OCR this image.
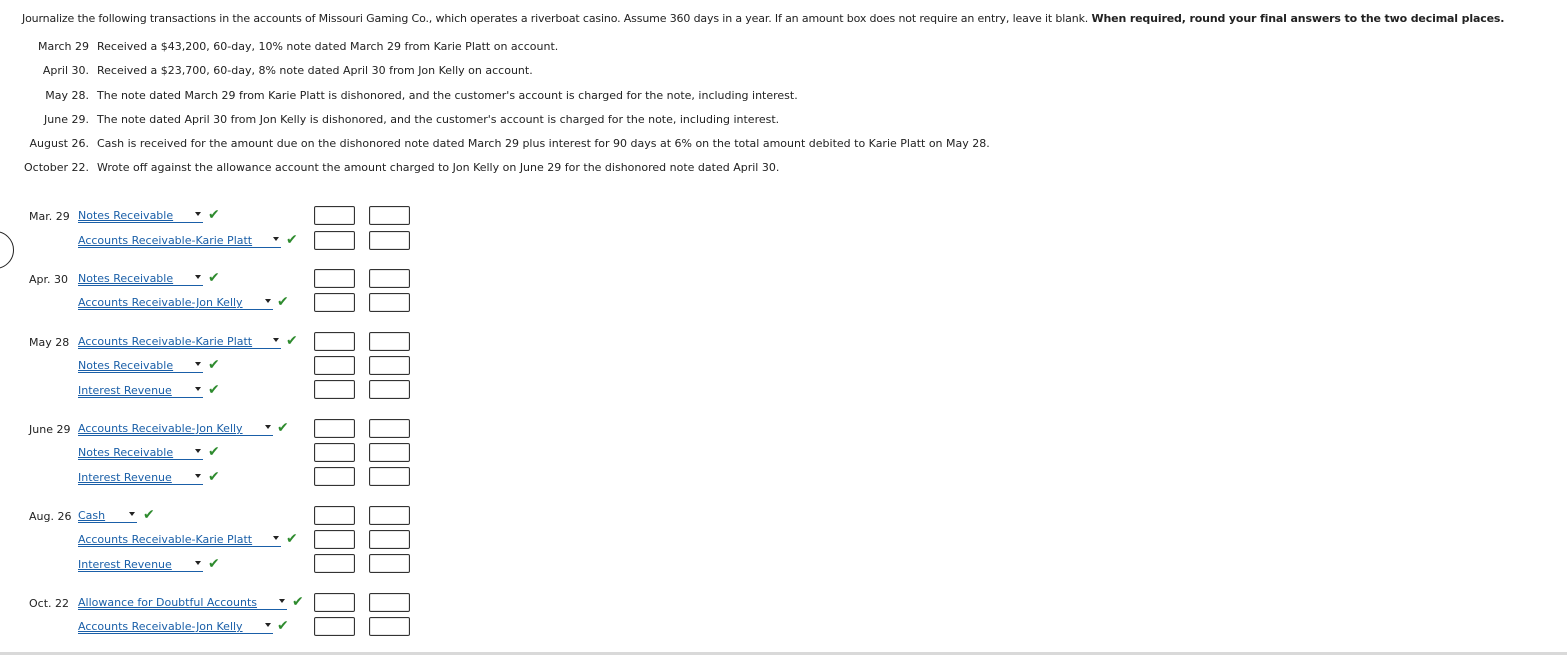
Journalize the following transactions in the accounts of Missouri Gaming Co., which operates a riverboat casino. Assume 360 days in a year. If an amount box does not require an entry, leave it blank. When required, round your final answers to the two decimal places.
March 29 Received a $43,200, 60-day, 10% note dated March 29 from Karie Platt on account.
April 30. Received a $23,700, 60-day, 8% note dated April 30 from Jon Kelly on account.
May 28. The note dated March 29 from Karie Platt is dishonored, and the customer's account is charged for the note, including interest.
June 29. The note dated April 30 from Jon Kelly is dishonored, and the customer's account is charged for the note, including interest.
August 26. Cash is received for the amount due on the dishonored note dated March 29 plus interest for 90 days at 6% on the total amount debited to Karie Platt on May 28.
October 22. Wrote off against the allowance account the amount charged to Jon Kelly on June 29 for the dishonored note dated April 30.
Mar. 29 Notes Receivable	✔
Accounts Receivable-Karie Platt	✔
Apr. 30 Notes Receivable	✔
Accounts Receivable-Jon Kelly	✔
May 28 Accounts Receivable-Karie Platt	✔
Notes Receivable	✔
Interest Revenue	✔
June 29 Accounts Receivable-Jon Kelly	✔
Notes Receivable	✔
Interest Revenue	✔
Aug. 26 Cash	✔
Accounts Receivable-Karie Platt	✔
Interest Revenue	✔
Oct. 22 Allowance for Doubtful Accounts	✔
Accounts Receivable-Jon Kelly	✔
